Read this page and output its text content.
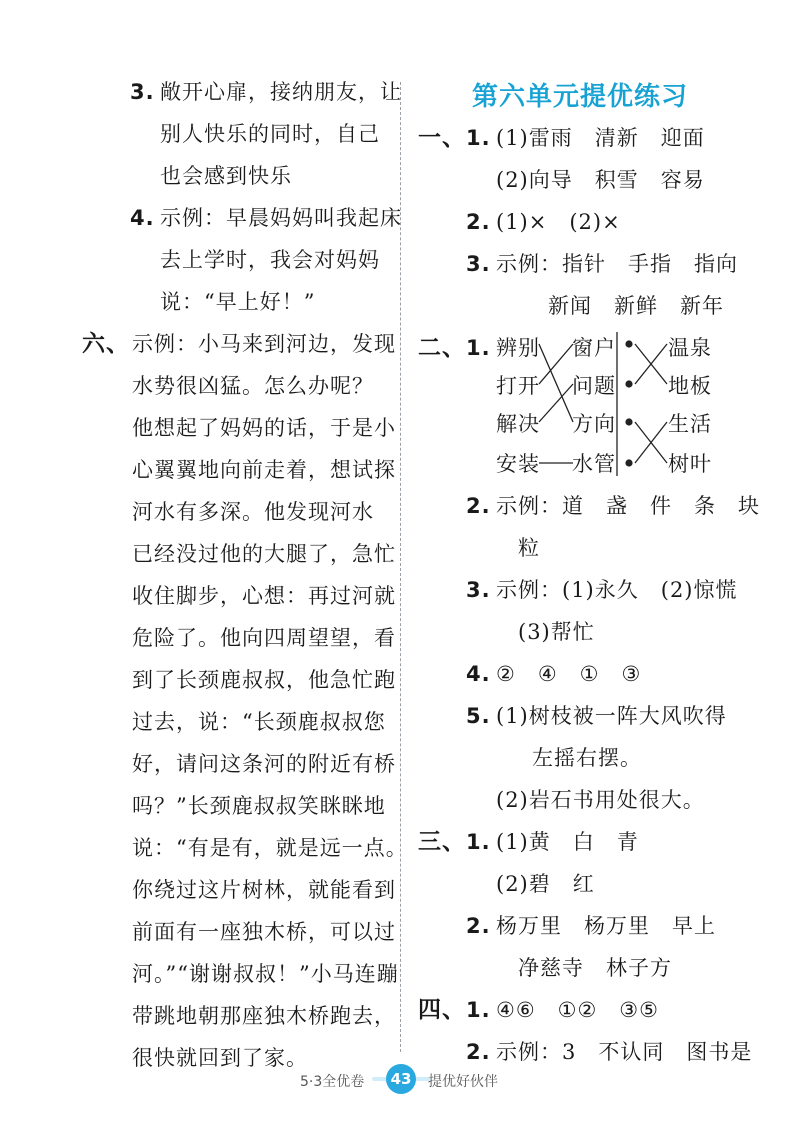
3. 敞开心扉，接纳朋友，让
别人快乐的同时，自己
也会感到快乐
4. 示例：早晨妈妈叫我起床
去上学时，我会对妈妈
说：“早上好！”
六、 示例：小马来到河边，发现
水势很凶猛。怎么办呢？
他想起了妈妈的话，于是小
心翼翼地向前走着，想试探
河水有多深。他发现河水
已经没过他的大腿了，急忙
收住脚步，心想：再过河就
危险了。他向四周望望，看
到了长颈鹿叔叔，他急忙跑
过去，说：“长颈鹿叔叔您
好，请问这条河的附近有桥
吗？”长颈鹿叔叔笑眯眯地
说：“有是有，就是远一点。
你绕过这片树林，就能看到
前面有一座独木桥，可以过
河。”“谢谢叔叔！”小马连蹦
带跳地朝那座独木桥跑去，
很快就回到了家。
第六单元提优练习
一、 1. (1)雷雨　清新　迎面
(2)向导　积雪　容易
2. (1)×　(2)×
3. 示例：指针　手指　指向
新闻　新鲜　新年
二、 1. 辨别
打开
解决
安装
窗户
问题
方向
水管
温泉
地板
生活
树叶
2. 示例：道　盏　件　条　块
粒
3. 示例：(1)永久　(2)惊慌
(3)帮忙
4. ②　④　①　③
5. (1)树枝被一阵大风吹得
左摇右摆。
(2)岩石书用处很大。
三、 1. (1)黄　白　青
(2)碧　红
2. 杨万里　杨万里　早上
净慈寺　林子方
四、 1. ④⑥　①②　③⑤
2. 示例：3　不认同　图书是
5·3全优卷	43	提优好伙伴
